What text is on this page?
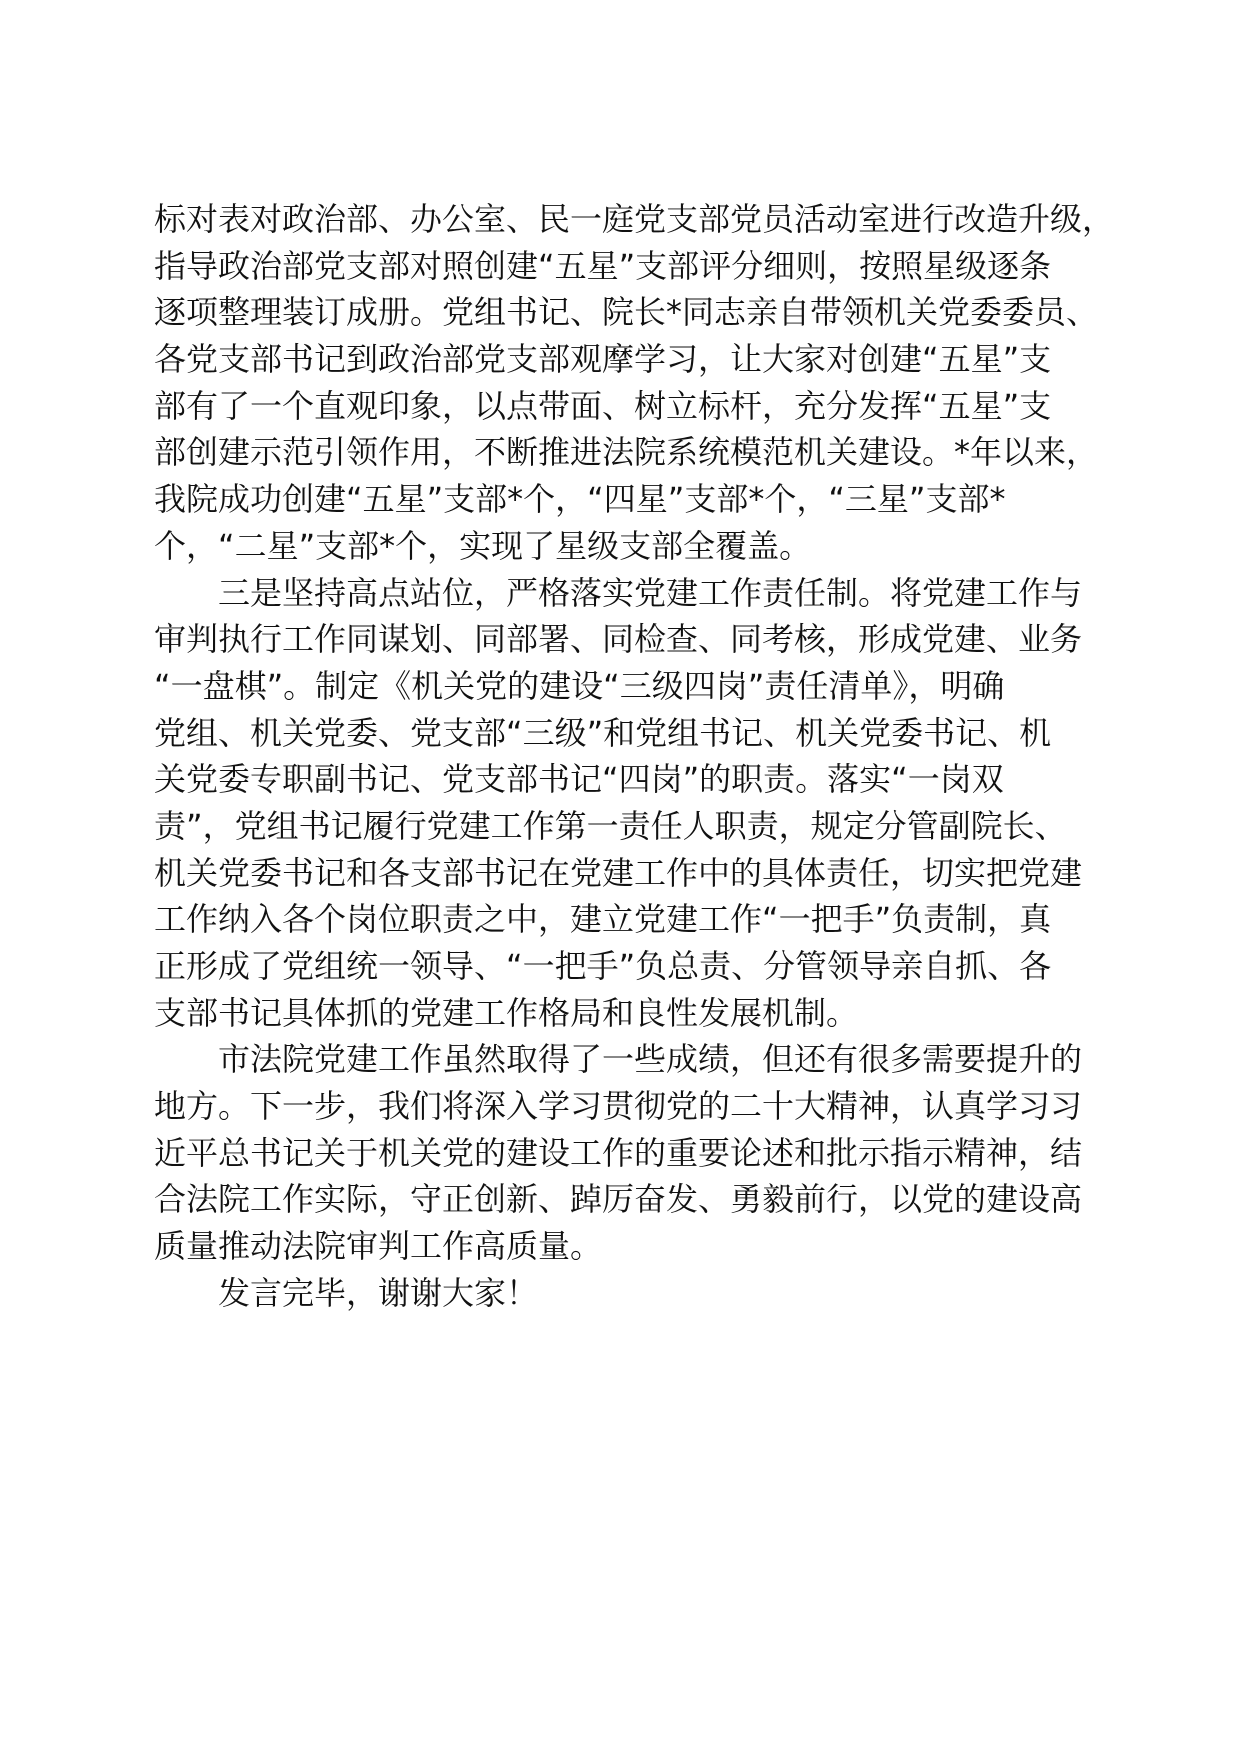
标对表对政治部、办公室、民一庭党支部党员活动室进行改造升级，
指导政治部党支部对照创建“五星”支部评分细则，按照星级逐条
逐项整理装订成册。党组书记、院长*同志亲自带领机关党委委员、
各党支部书记到政治部党支部观摩学习，让大家对创建“五星”支
部有了一个直观印象，以点带面、树立标杆，充分发挥“五星”支
部创建示范引领作用，不断推进法院系统模范机关建设。*年以来，
我院成功创建“五星”支部*个，“四星”支部*个，“三星”支部*
个，“二星”支部*个，实现了星级支部全覆盖。
三是坚持高点站位，严格落实党建工作责任制。将党建工作与
审判执行工作同谋划、同部署、同检查、同考核，形成党建、业务
“一盘棋”。制定《机关党的建设“三级四岗”责任清单》，明确
党组、机关党委、党支部“三级”和党组书记、机关党委书记、机
关党委专职副书记、党支部书记“四岗”的职责。落实“一岗双
责”，党组书记履行党建工作第一责任人职责，规定分管副院长、
机关党委书记和各支部书记在党建工作中的具体责任，切实把党建
工作纳入各个岗位职责之中，建立党建工作“一把手”负责制，真
正形成了党组统一领导、“一把手”负总责、分管领导亲自抓、各
支部书记具体抓的党建工作格局和良性发展机制。
市法院党建工作虽然取得了一些成绩，但还有很多需要提升的
地方。下一步，我们将深入学习贯彻党的二十大精神，认真学习习
近平总书记关于机关党的建设工作的重要论述和批示指示精神，结
合法院工作实际，守正创新、踔厉奋发、勇毅前行，以党的建设高
质量推动法院审判工作高质量。
发言完毕，谢谢大家！
